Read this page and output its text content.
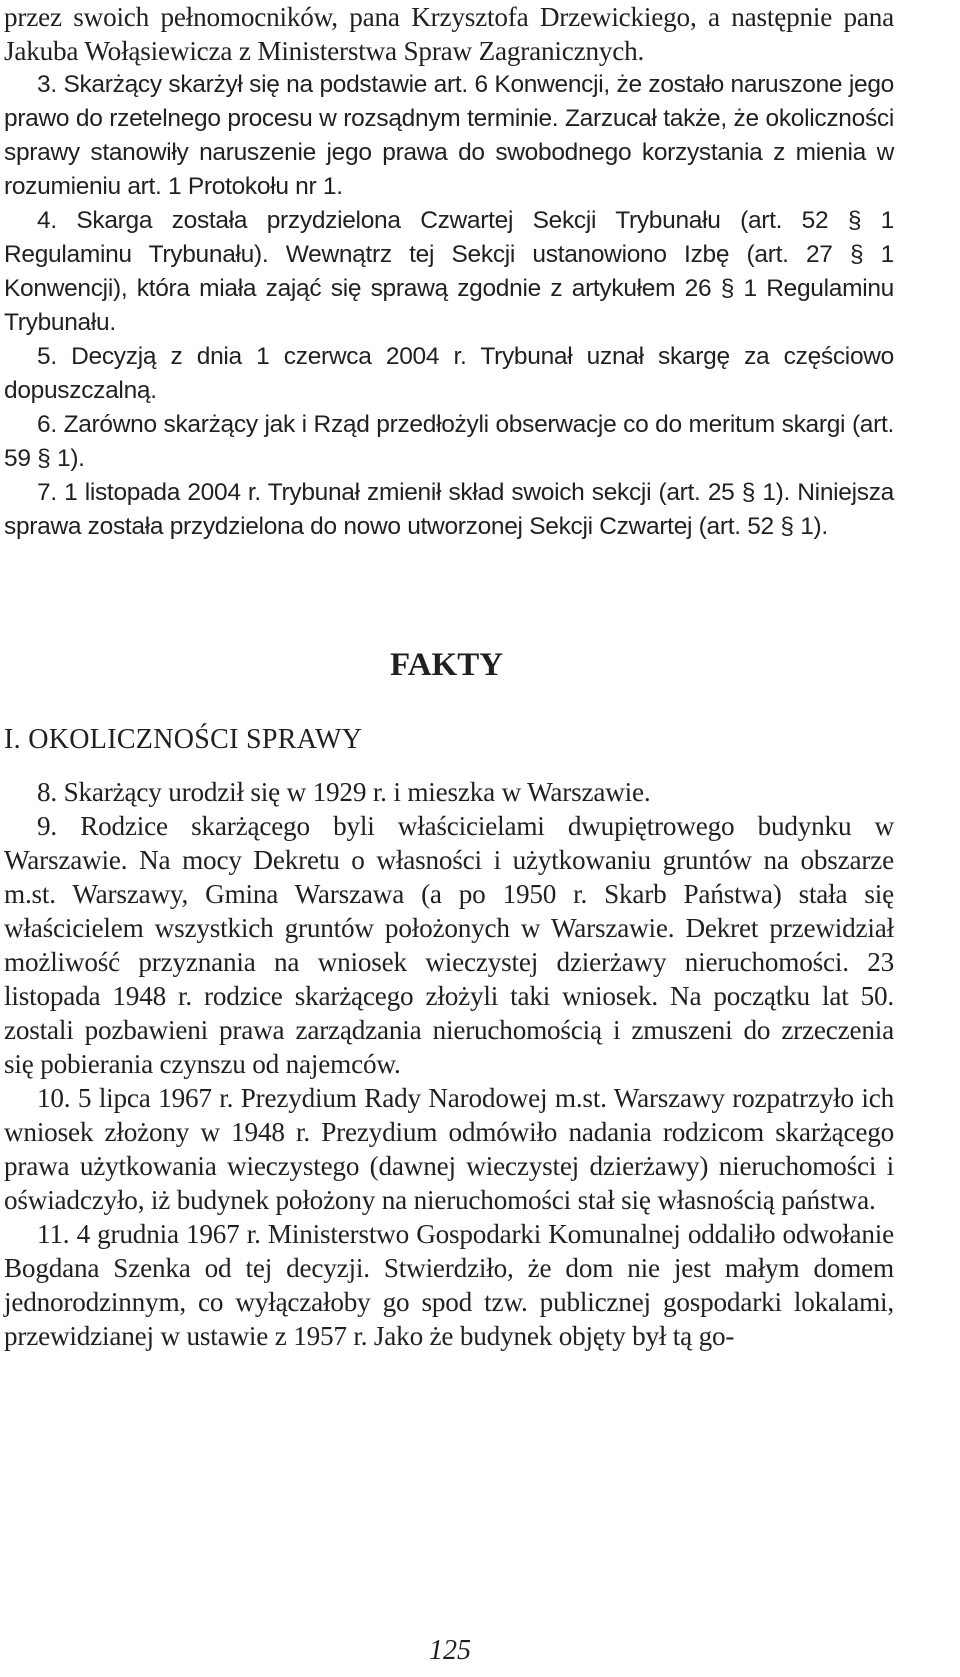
przez swoich pełnomocników, pana Krzysztofa Drzewickiego, a następnie pana Jakuba Wołąsiewicza z Ministerstwa Spraw Zagranicznych.

3. Skarżący skarżył się na podstawie art. 6 Konwencji, że zostało naruszone jego prawo do rzetelnego procesu w rozsądnym terminie. Zarzucał także, że okoliczności sprawy stanowiły naruszenie jego prawa do swobodnego korzystania z mienia w rozumieniu art. 1 Protokołu nr 1.

4. Skarga została przydzielona Czwartej Sekcji Trybunału (art. 52 § 1 Regulaminu Trybunału). Wewnątrz tej Sekcji ustanowiono Izbę (art. 27 § 1 Konwencji), która miała zająć się sprawą zgodnie z artykułem 26 § 1 Regulaminu Trybunału.

5. Decyzją z dnia 1 czerwca 2004 r. Trybunał uznał skargę za częściowo dopuszczalną.

6. Zarówno skarżący jak i Rząd przedłożyli obserwacje co do meritum skargi (art. 59 § 1).

7. 1 listopada 2004 r. Trybunał zmienił skład swoich sekcji (art. 25 § 1). Niniejsza sprawa została przydzielona do nowo utworzonej Sekcji Czwartej (art. 52 § 1).

FAKTY
I. OKOLICZNOŚCI SPRAWY

8. Skarżący urodził się w 1929 r. i mieszka w Warszawie.

9. Rodzice skarżącego byli właścicielami dwupiętrowego budynku w Warszawie. Na mocy Dekretu o własności i użytkowaniu gruntów na obszarze m.st. Warszawy, Gmina Warszawa (a po 1950 r. Skarb Państwa) stała się właścicielem wszystkich gruntów położonych w Warszawie. Dekret przewidział możliwość przyznania na wniosek wieczystej dzierżawy nieruchomości. 23 listopada 1948 r. rodzice skarżącego złożyli taki wniosek. Na początku lat 50. zostali pozbawieni prawa zarządzania nieruchomością i zmuszeni do zrzeczenia się pobierania czynszu od najemców.

10. 5 lipca 1967 r. Prezydium Rady Narodowej m.st. Warszawy rozpatrzyło ich wniosek złożony w 1948 r. Prezydium odmówiło nadania rodzicom skarżącego prawa użytkowania wieczystego (dawnej wieczystej dzierżawy) nieruchomości i oświadczyło, iż budynek położony na nieruchomości stał się własnością państwa.

11. 4 grudnia 1967 r. Ministerstwo Gospodarki Komunalnej oddaliło odwołanie Bogdana Szenka od tej decyzji. Stwierdziło, że dom nie jest małym domem jednorodzinnym, co wyłączałoby go spod tzw. publicznej gospodarki lokalami, przewidzianej w ustawie z 1957 r. Jako że budynek objęty był tą go-

125
